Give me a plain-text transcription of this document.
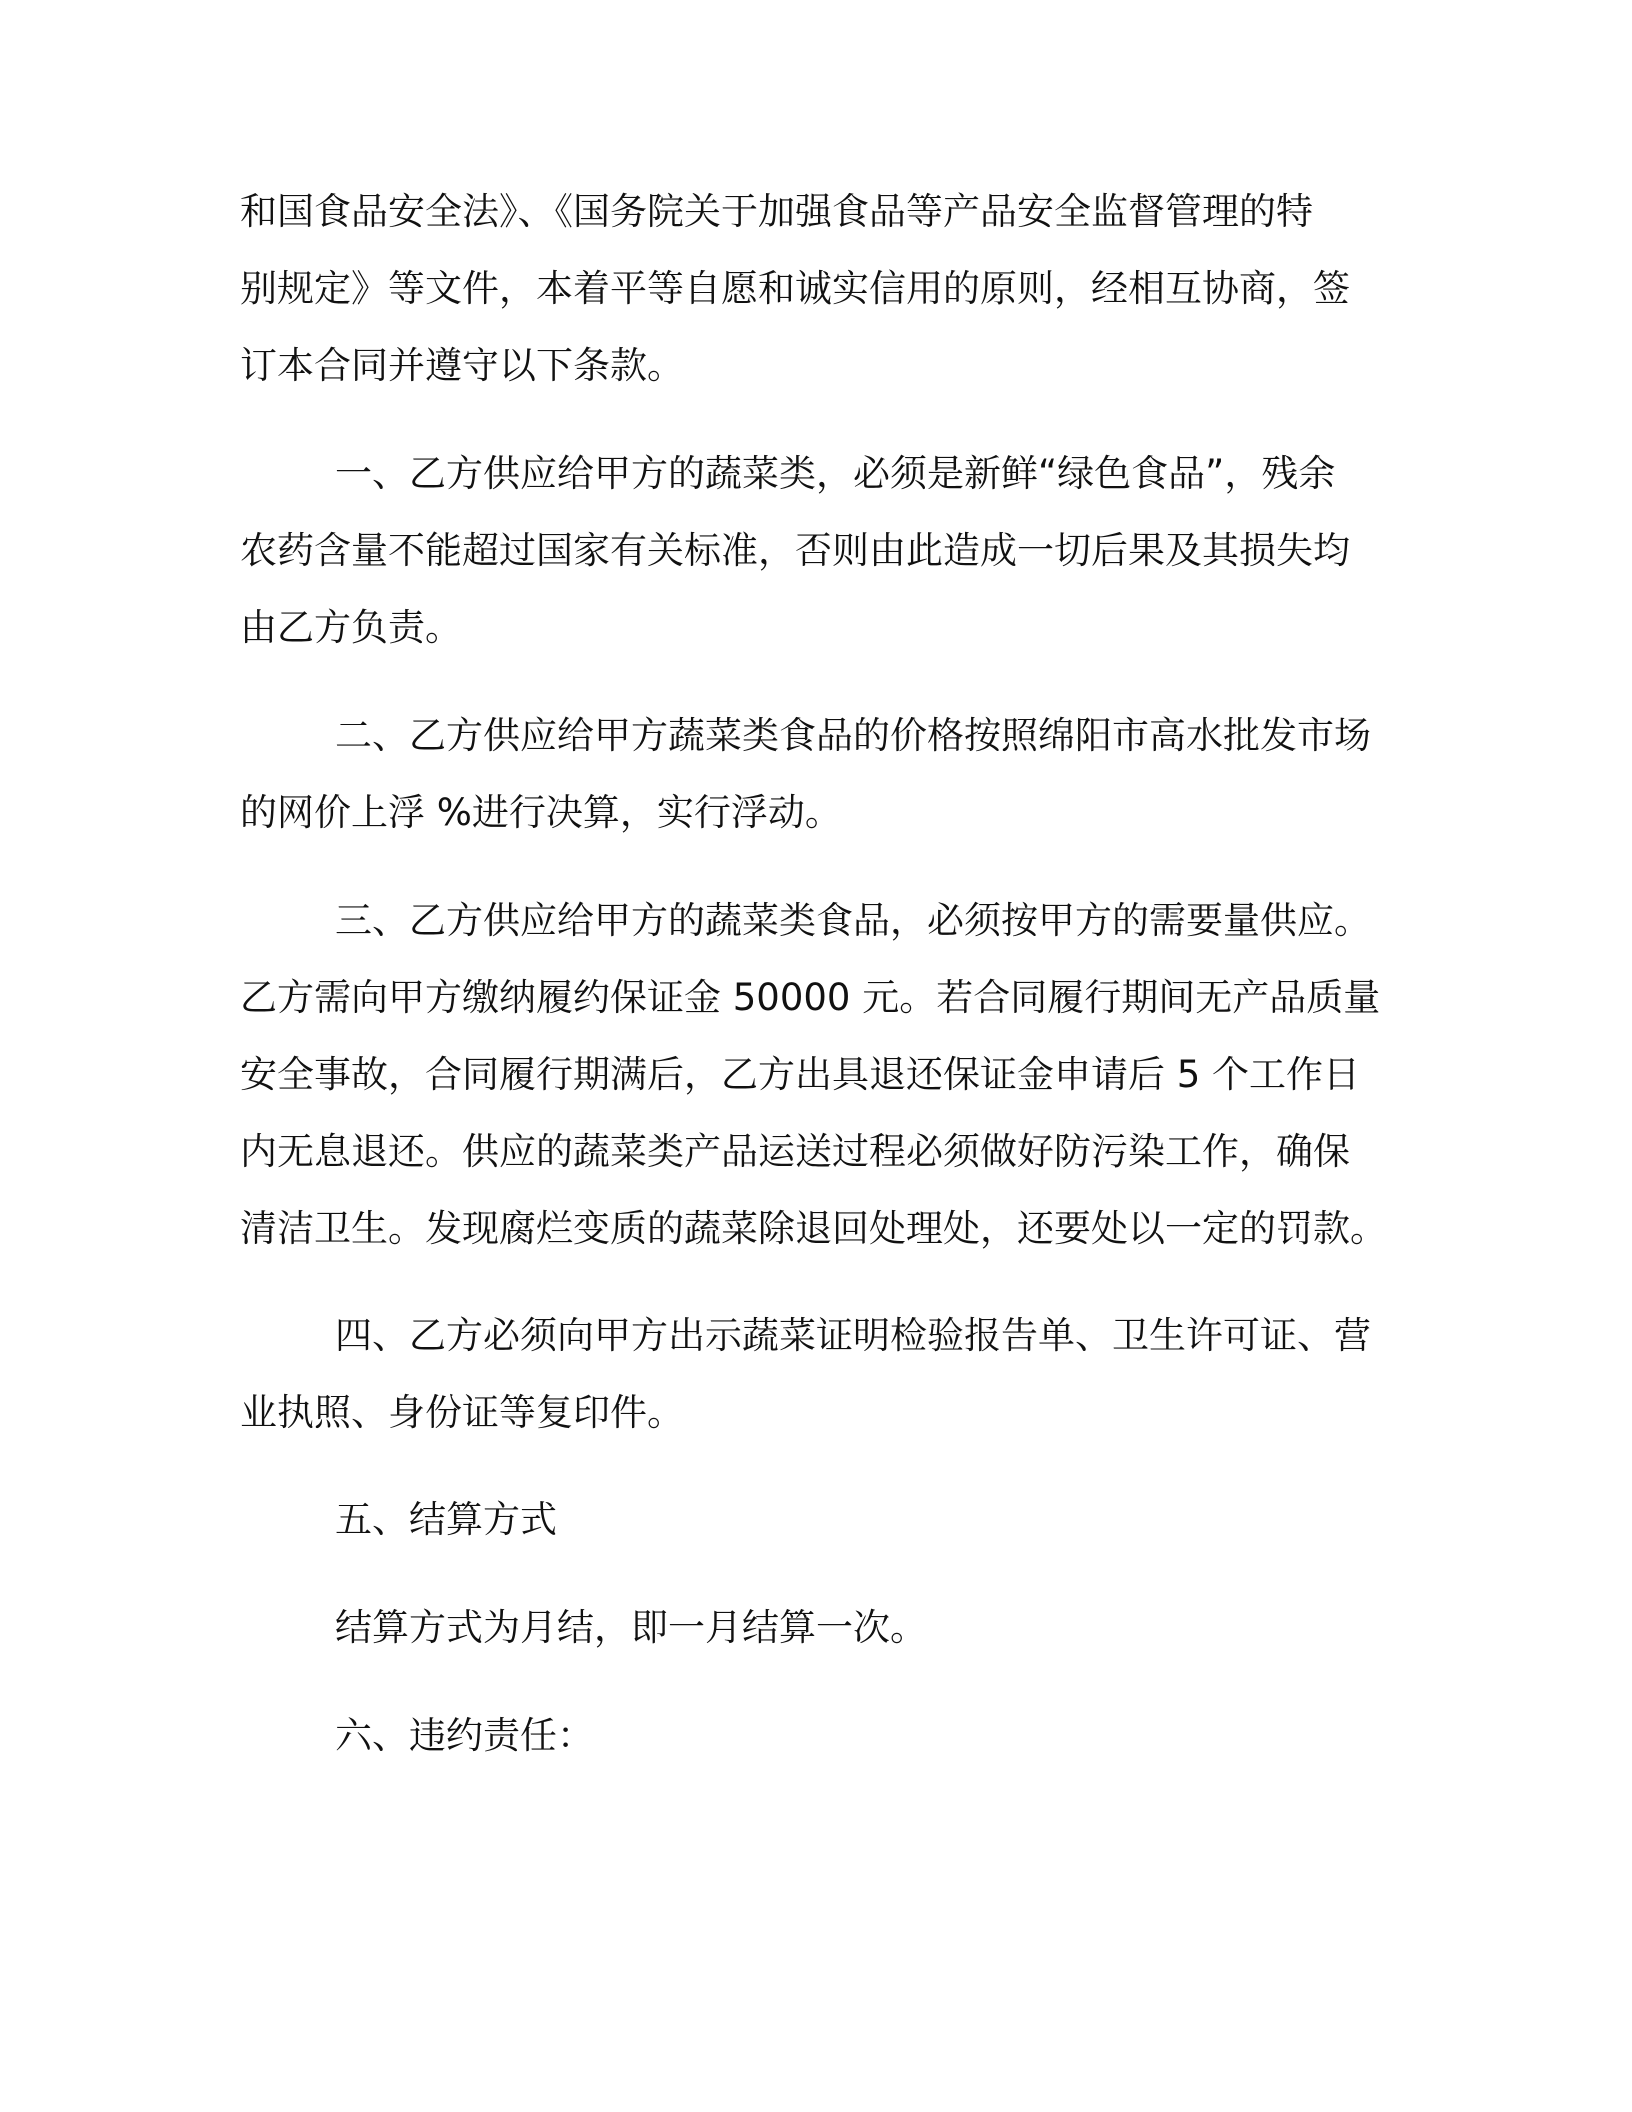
和国食品安全法》、《国务院关于加强食品等产品安全监督管理的特
别规定》等文件，本着平等自愿和诚实信用的原则，经相互协商，签
订本合同并遵守以下条款。
一、乙方供应给甲方的蔬菜类，必须是新鲜“绿色食品”，残余
农药含量不能超过国家有关标准，否则由此造成一切后果及其损失均
由乙方负责。
二、乙方供应给甲方蔬菜类食品的价格按照绵阳市高水批发市场
的网价上浮 %进行决算，实行浮动。
三、乙方供应给甲方的蔬菜类食品，必须按甲方的需要量供应。
乙方需向甲方缴纳履约保证金 50000 元。若合同履行期间无产品质量
安全事故，合同履行期满后，乙方出具退还保证金申请后 5 个工作日
内无息退还。供应的蔬菜类产品运送过程必须做好防污染工作，确保
清洁卫生。发现腐烂变质的蔬菜除退回处理处，还要处以一定的罚款。
四、乙方必须向甲方出示蔬菜证明检验报告单、卫生许可证、营
业执照、身份证等复印件。
五、结算方式
结算方式为月结，即一月结算一次。
六、违约责任：
